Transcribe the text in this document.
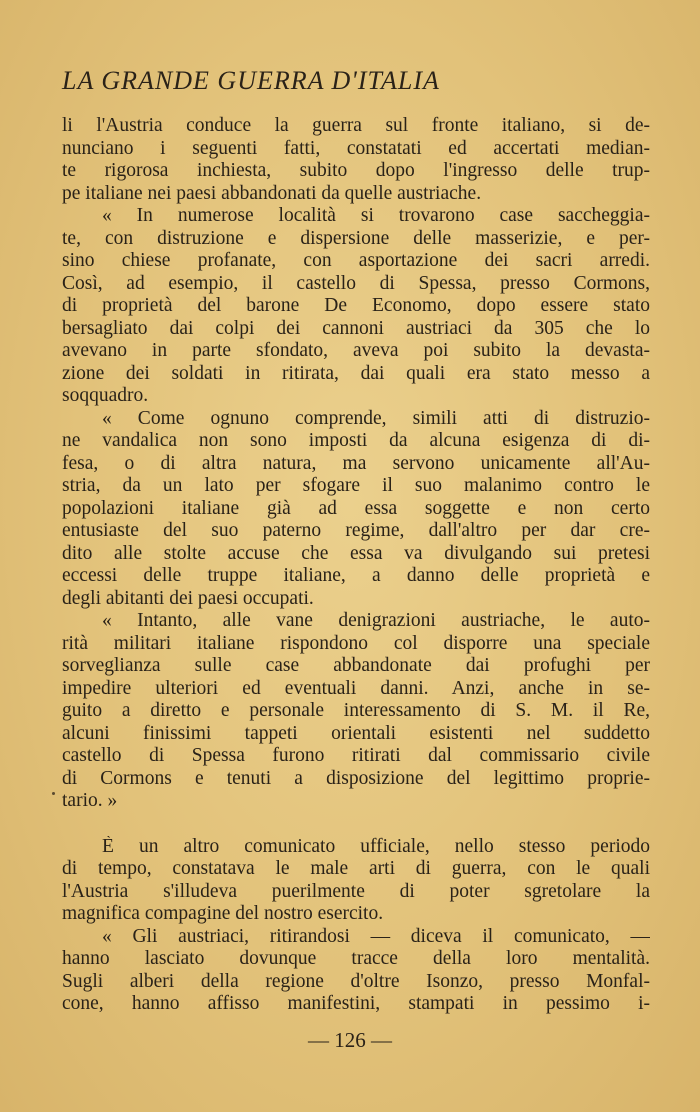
LA GRANDE GUERRA D'ITALIA
li l'Austria conduce la guerra sul fronte italiano, si de-
nunciano i seguenti fatti, constatati ed accertati median-
te rigorosa inchiesta, subito dopo l'ingresso delle trup-
pe italiane nei paesi abbandonati da quelle austriache.
« In numerose località si trovarono case saccheggia-
te, con distruzione e dispersione delle masserizie, e per-
sino chiese profanate, con asportazione dei sacri arredi.
Così, ad esempio, il castello di Spessa, presso Cormons,
di proprietà del barone De Economo, dopo essere stato
bersagliato dai colpi dei cannoni austriaci da 305 che lo
avevano in parte sfondato, aveva poi subito la devasta-
zione dei soldati in ritirata, dai quali era stato messo a
soqquadro.
« Come ognuno comprende, simili atti di distruzio-
ne vandalica non sono imposti da alcuna esigenza di di-
fesa, o di altra natura, ma servono unicamente all'Au-
stria, da un lato per sfogare il suo malanimo contro le
popolazioni italiane già ad essa soggette e non certo
entusiaste del suo paterno regime, dall'altro per dar cre-
dito alle stolte accuse che essa va divulgando sui pretesi
eccessi delle truppe italiane, a danno delle proprietà e
degli abitanti dei paesi occupati.
« Intanto, alle vane denigrazioni austriache, le auto-
rità militari italiane rispondono col disporre una speciale
sorveglianza sulle case abbandonate dai profughi per
impedire ulteriori ed eventuali danni. Anzi, anche in se-
guito a diretto e personale interessamento di S. M. il Re,
alcuni finissimi tappeti orientali esistenti nel suddetto
castello di Spessa furono ritirati dal commissario civile
di Cormons e tenuti a disposizione del legittimo proprie-
tario. »
È un altro comunicato ufficiale, nello stesso periodo
di tempo, constatava le male arti di guerra, con le quali
l'Austria s'illudeva puerilmente di poter sgretolare la
magnifica compagine del nostro esercito.
« Gli austriaci, ritirandosi — diceva il comunicato, —
hanno lasciato dovunque tracce della loro mentalità.
Sugli alberi della regione d'oltre Isonzo, presso Monfal-
cone, hanno affisso manifestini, stampati in pessimo i-
— 126 —
